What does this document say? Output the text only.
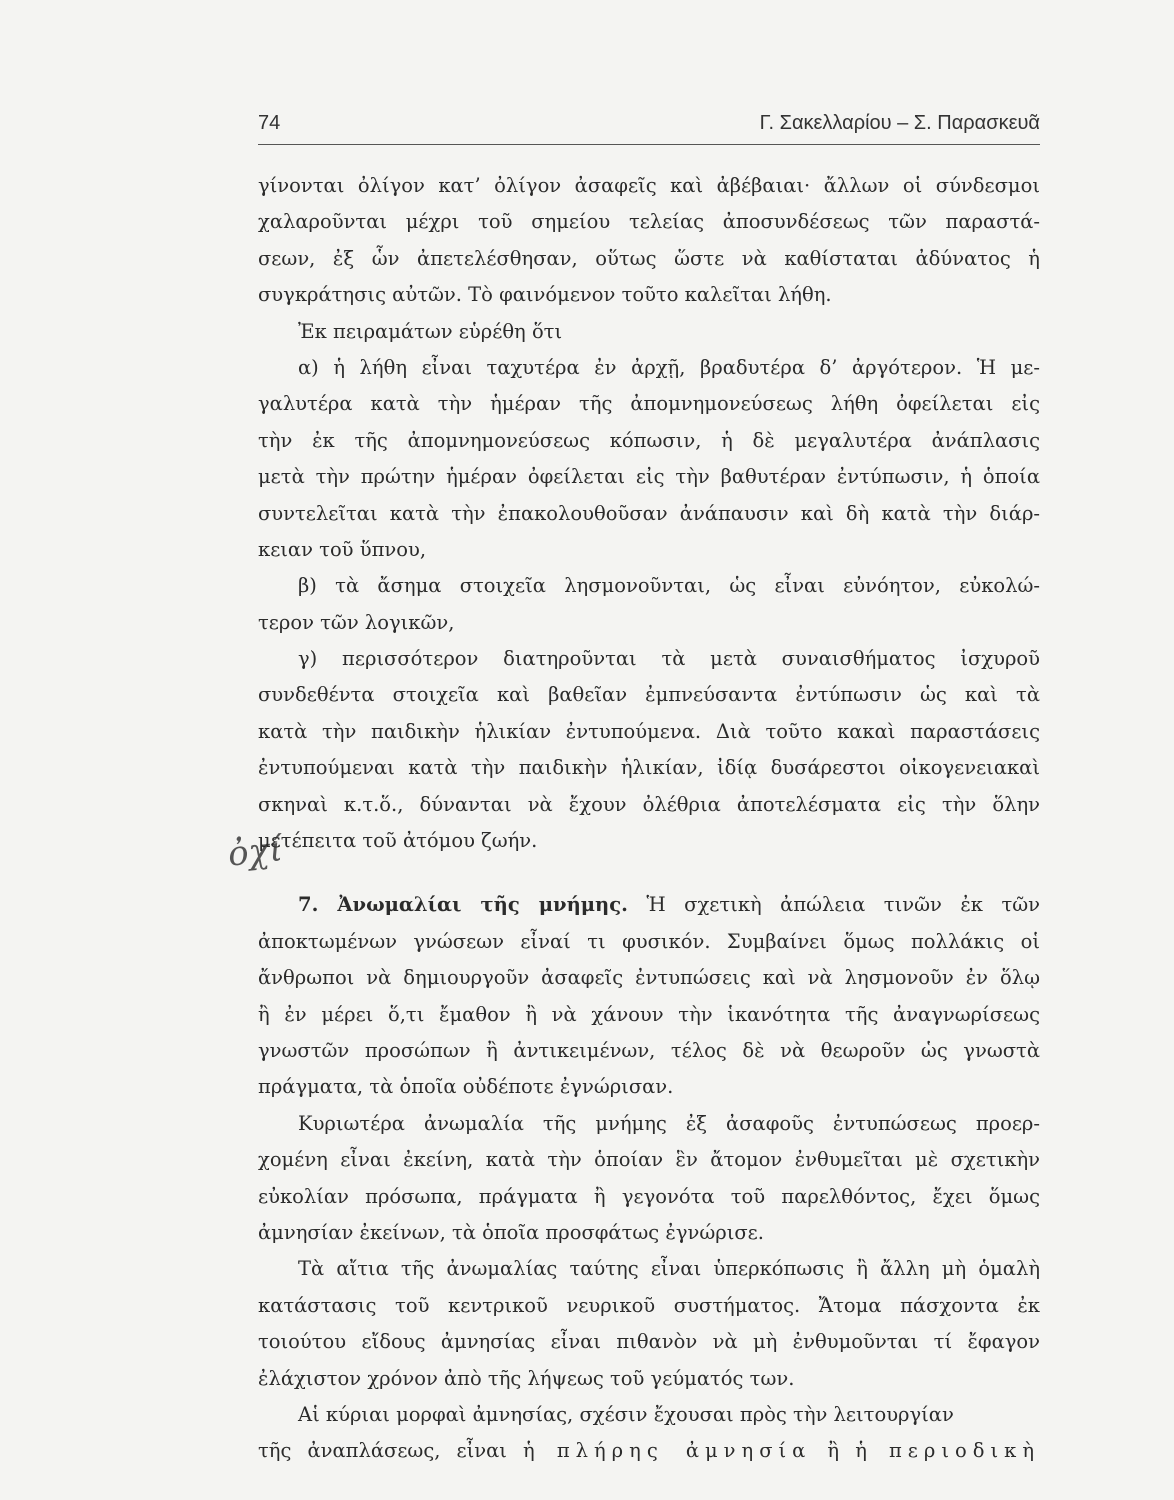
74	Γ. Σακελλαρίου – Σ. Παρασκευᾶ
ὀχί
γίνονται ὀλίγον κατ’ ὀλίγον ἀσαφεῖς καὶ ἀβέβαιαι· ἄλλων οἱ σύνδεσμοι
χαλαροῦνται μέχρι τοῦ σημείου τελείας ἀποσυνδέσεως τῶν παραστά-
σεων, ἐξ ὧν ἀπετελέσθησαν, οὕτως ὥστε νὰ καθίσταται ἀδύνατος ἡ
συγκράτησις αὐτῶν. Τὸ φαινόμενον τοῦτο καλεῖται λήθη.
Ἐκ πειραμάτων εὑρέθη ὅτι
α) ἡ λήθη εἶναι ταχυτέρα ἐν ἀρχῇ, βραδυτέρα δ’ ἀργότερον. Ἡ με-
γαλυτέρα κατὰ τὴν ἡμέραν τῆς ἀπομνημονεύσεως λήθη ὀφείλεται εἰς
τὴν ἐκ τῆς ἀπομνημονεύσεως κόπωσιν, ἡ δὲ μεγαλυτέρα ἀνάπλασις
μετὰ τὴν πρώτην ἡμέραν ὀφείλεται εἰς τὴν βαθυτέραν ἐντύπωσιν, ἡ ὁποία
συντελεῖται κατὰ τὴν ἐπακολουθοῦσαν ἀνάπαυσιν καὶ δὴ κατὰ τὴν διάρ-
κειαν τοῦ ὕπνου,
β) τὰ ἄσημα στοιχεῖα λησμονοῦνται, ὡς εἶναι εὐνόητον, εὐκολώ-
τερον τῶν λογικῶν,
γ) περισσότερον διατηροῦνται τὰ μετὰ συναισθήματος ἰσχυροῦ
συνδεθέντα στοιχεῖα καὶ βαθεῖαν ἐμπνεύσαντα ἐντύπωσιν ὡς καὶ τὰ
κατὰ τὴν παιδικὴν ἡλικίαν ἐντυπούμενα. Διὰ τοῦτο κακαὶ παραστάσεις
ἐντυπούμεναι κατὰ τὴν παιδικὴν ἡλικίαν, ἰδίᾳ δυσάρεστοι οἰκογενειακαὶ
σκηναὶ κ.τ.ὅ., δύνανται νὰ ἔχουν ὀλέθρια ἀποτελέσματα εἰς τὴν ὅλην
μετέπειτα τοῦ ἀτόμου ζωήν.
7. Ἀνωμαλίαι τῆς μνήμης. Ἡ σχετικὴ ἀπώλεια τινῶν ἐκ τῶν
ἀποκτωμένων γνώσεων εἶναί τι φυσικόν. Συμβαίνει ὅμως πολλάκις οἱ
ἄνθρωποι νὰ δημιουργοῦν ἀσαφεῖς ἐντυπώσεις καὶ νὰ λησμονοῦν ἐν ὅλῳ
ἢ ἐν μέρει ὅ,τι ἔμαθον ἢ νὰ χάνουν τὴν ἱκανότητα τῆς ἀναγνωρίσεως
γνωστῶν προσώπων ἢ ἀντικειμένων, τέλος δὲ νὰ θεωροῦν ὡς γνωστὰ
πράγματα, τὰ ὁποῖα οὐδέποτε ἐγνώρισαν.
Κυριωτέρα ἀνωμαλία τῆς μνήμης ἐξ ἀσαφοῦς ἐντυπώσεως προερ-
χομένη εἶναι ἐκείνη, κατὰ τὴν ὁποίαν ἓν ἄτομον ἐνθυμεῖται μὲ σχετικὴν
εὐκολίαν πρόσωπα, πράγματα ἢ γεγονότα τοῦ παρελθόντος, ἔχει ὅμως
ἀμνησίαν ἐκείνων, τὰ ὁποῖα προσφάτως ἐγνώρισε.
Τὰ αἴτια τῆς ἀνωμαλίας ταύτης εἶναι ὑπερκόπωσις ἢ ἄλλη μὴ ὁμαλὴ
κατάστασις τοῦ κεντρικοῦ νευρικοῦ συστήματος. Ἄτομα πάσχοντα ἐκ
τοιούτου εἴδους ἀμνησίας εἶναι πιθανὸν νὰ μὴ ἐνθυμοῦνται τί ἔφαγον
ἐλάχιστον χρόνον ἀπὸ τῆς λήψεως τοῦ γεύματός των.
Αἱ κύριαι μορφαὶ ἀμνησίας, σχέσιν ἔχουσαι πρὸς τὴν λειτουργίαν
τῆς ἀναπλάσεως, εἶναι ἡ πλήρης ἀμνησία ἢ ἡ περιοδικὴ
